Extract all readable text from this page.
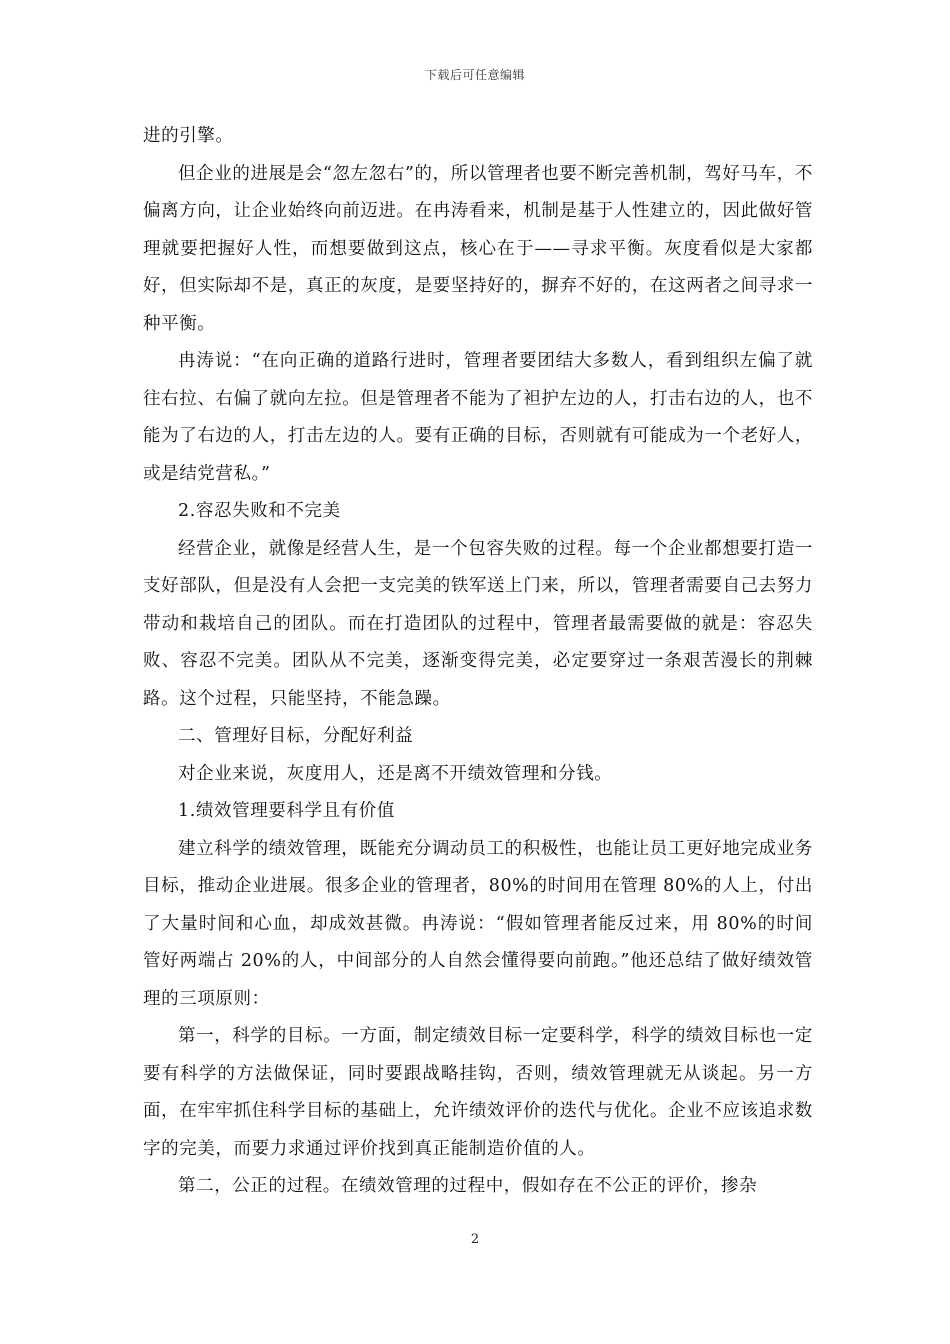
下载后可任意编辑

进的引擎。

但企业的进展是会“忽左忽右”的，所以管理者也要不断完善机制，驾好马车，不偏离方向，让企业始终向前迈进。在冉涛看来，机制是基于人性建立的，因此做好管理就要把握好人性，而想要做到这点，核心在于——寻求平衡。灰度看似是大家都好，但实际却不是，真正的灰度，是要坚持好的，摒弃不好的，在这两者之间寻求一种平衡。

冉涛说：“在向正确的道路行进时，管理者要团结大多数人，看到组织左偏了就往右拉、右偏了就向左拉。但是管理者不能为了袒护左边的人，打击右边的人，也不能为了右边的人，打击左边的人。要有正确的目标，否则就有可能成为一个老好人，或是结党营私。”

2.容忍失败和不完美

经营企业，就像是经营人生，是一个包容失败的过程。每一个企业都想要打造一支好部队，但是没有人会把一支完美的铁军送上门来，所以，管理者需要自己去努力带动和栽培自己的团队。而在打造团队的过程中，管理者最需要做的就是：容忍失败、容忍不完美。团队从不完美，逐渐变得完美，必定要穿过一条艰苦漫长的荆棘路。这个过程，只能坚持，不能急躁。

二、管理好目标，分配好利益

对企业来说，灰度用人，还是离不开绩效管理和分钱。

1.绩效管理要科学且有价值

建立科学的绩效管理，既能充分调动员工的积极性，也能让员工更好地完成业务目标，推动企业进展。很多企业的管理者，80%的时间用在管理 80%的人上，付出了大量时间和心血，却成效甚微。冉涛说：“假如管理者能反过来，用 80%的时间管好两端占 20%的人，中间部分的人自然会懂得要向前跑。”他还总结了做好绩效管理的三项原则：

第一，科学的目标。一方面，制定绩效目标一定要科学，科学的绩效目标也一定要有科学的方法做保证，同时要跟战略挂钩，否则，绩效管理就无从谈起。另一方面，在牢牢抓住科学目标的基础上，允许绩效评价的迭代与优化。企业不应该追求数字的完美，而要力求通过评价找到真正能制造价值的人。

第二，公正的过程。在绩效管理的过程中，假如存在不公正的评价，掺杂

2
